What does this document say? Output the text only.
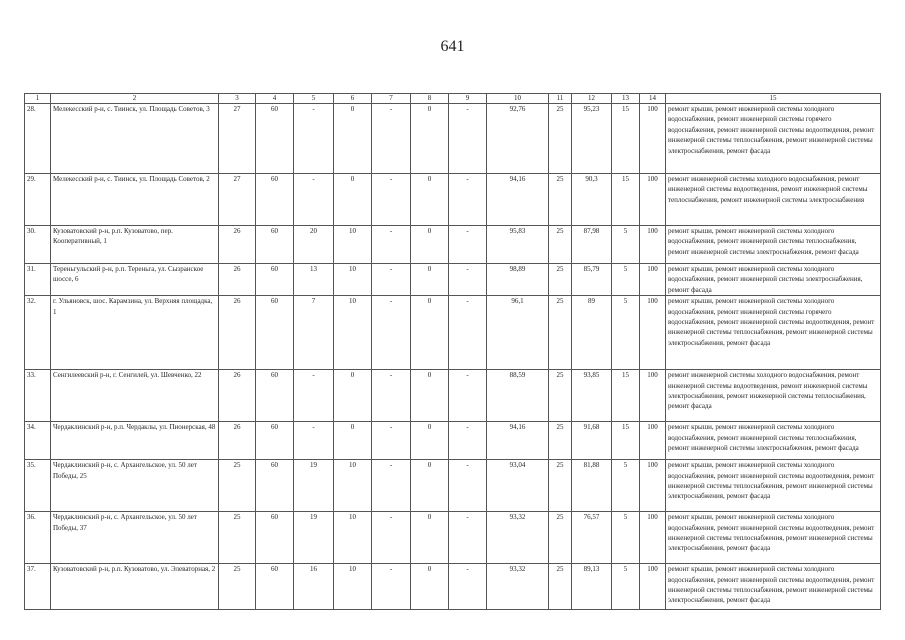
641
1	2	3	4	5	6	7	8	9	10	11	12	13	14	15
28.	Мелекесский р-н, с. Тиинск, ул. Площадь Советов, 3	27	60	-	0	-	0	-	92,76	25	95,23	15	100	ремонт крыши, ремонт инженерной системы холодного водоснабжения, ремонт инженерной системы горячего водоснабжения, ремонт инженерной системы водоотведения, ремонт инженерной системы теплоснабжения, ремонт инженерной системы электроснабжения, ремонт фасада
29.	Мелекесский р-н, с. Тиинск, ул. Площадь Советов, 2	27	60	-	0	-	0	-	94,16	25	90,3	15	100	ремонт инженерной системы холодного водоснабжения, ремонт инженерной системы водоотведения, ремонт инженерной системы теплоснабжения, ремонт инженерной системы электроснабжения
30.	Кузоватовский р-н, р.п. Кузоватово, пер. Кооперативный, 1	26	60	20	10	-	0	-	95,83	25	87,98	5	100	ремонт крыши, ремонт инженерной системы холодного водоснабжения, ремонт инженерной системы теплоснабжения, ремонт инженерной системы электроснабжения, ремонт фасада
31.	Тереньгульский р-н, р.п. Тереньга, ул. Сызранское шоссе, 6	26	60	13	10	-	0	-	98,89	25	85,79	5	100	ремонт крыши, ремонт инженерной системы холодного водоснабжения, ремонт инженерной системы электроснабжения, ремонт фасада
32.	г. Ульяновск, шос. Карамзина, ул. Верхняя площадка, 1	26	60	7	10	-	0	-	96,1	25	89	5	100	ремонт крыши, ремонт инженерной системы холодного водоснабжения, ремонт инженерной системы горячего водоснабжения, ремонт инженерной системы водоотведения, ремонт инженерной системы теплоснабжения, ремонт инженерной системы электроснабжения, ремонт фасада
33.	Сенгилеевский р-н, г. Сенгилей, ул. Шевченко, 22	26	60	-	0	-	0	-	88,59	25	93,85	15	100	ремонт инженерной системы холодного водоснабжения, ремонт инженерной системы водоотведения, ремонт инженерной системы электроснабжения, ремонт инженерной системы теплоснабжения, ремонт фасада
34.	Чердаклинский р-н, р.п. Чердаклы, ул. Пионерская, 48	26	60	-	0	-	0	-	94,16	25	91,68	15	100	ремонт крыши, ремонт инженерной системы холодного водоснабжения, ремонт инженерной системы теплоснабжения, ремонт инженерной системы электроснабжения, ремонт фасада
35.	Чердаклинский р-н, с. Архангельское, ул. 50 лет Победы, 25	25	60	19	10	-	0	-	93,04	25	81,88	5	100	ремонт крыши, ремонт инженерной системы холодного водоснабжения, ремонт инженерной системы водоотведения, ремонт инженерной системы теплоснабжения, ремонт инженерной системы электроснабжения, ремонт фасада
36.	Чердаклинский р-н, с. Архангельское, ул. 50 лет Победы, 37	25	60	19	10	-	0	-	93,32	25	76,57	5	100	ремонт крыши, ремонт инженерной системы холодного водоснабжения, ремонт инженерной системы водоотведения, ремонт инженерной системы теплоснабжения, ремонт инженерной системы электроснабжения, ремонт фасада
37.	Кузоватовский р-н, р.п. Кузоватово, ул. Элеваторная, 2	25	60	16	10	-	0	-	93,32	25	89,13	5	100	ремонт крыши, ремонт инженерной системы холодного водоснабжения, ремонт инженерной системы водоотведения, ремонт инженерной системы теплоснабжения, ремонт инженерной системы электроснабжения, ремонт фасада
